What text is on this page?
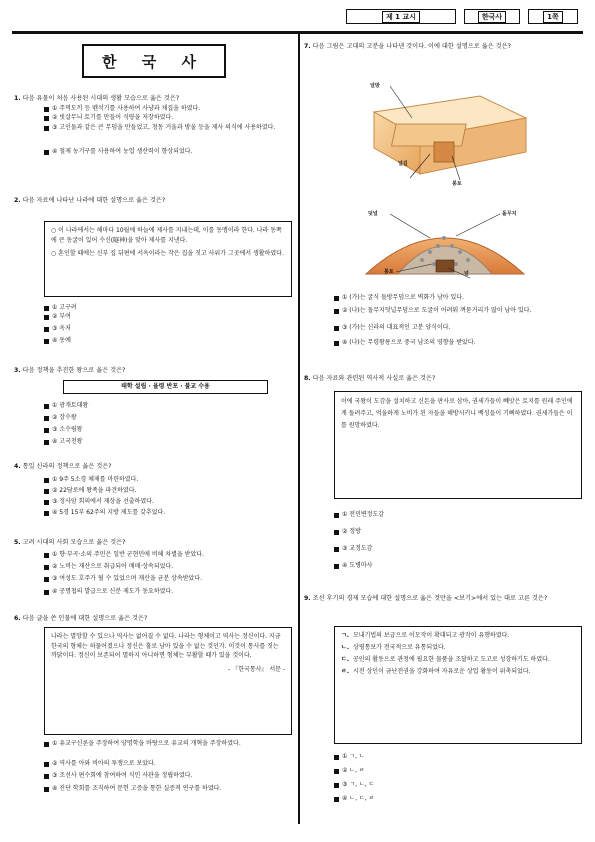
제 1 교시	한국사	1쪽
한 국 사
1. 다음 유물이 처음 사용된 시대의 생활 모습으로 옳은 것은?
① 주먹도끼 등 뗀석기를 사용하여 사냥과 채집을 하였다.
② 빗살무늬 토기를 만들어 식량을 저장하였다.
③ 고인돌과 같은 큰 무덤을 만들었고, 청동 거울과 방울 등을 제사 의식에 사용하였다.
④ 철제 농기구를 사용하여 농업 생산력이 향상되었다.
2. 다음 자료에 나타난 나라에 대한 설명으로 옳은 것은?
○ 이 나라에서는 해마다 10월에 하늘에 제사를 지내는데, 이를 동맹이라 한다. 나라 동쪽에 큰 동굴이 있어 수신(隧神)을 맞아 제사를 지낸다.
○ 혼인할 때에는 신부 집 뒤편에 서옥이라는 작은 집을 짓고 사위가 그곳에서 생활하였다.
① 고구려
② 부여
③ 옥저
④ 동예
3. 다음 정책을 추진한 왕으로 옳은 것은?
태학 설립 · 율령 반포 · 불교 수용
① 광개토대왕
② 장수왕
③ 소수림왕
④ 고국천왕
4. 통일 신라의 정책으로 옳은 것은?
① 9주 5소경 체제를 마련하였다.
② 22담로에 왕족을 파견하였다.
③ 정사암 회의에서 재상을 선출하였다.
④ 5경 15부 62주의 지방 제도를 갖추었다.
5. 고려 시대의 사회 모습으로 옳은 것은?
① 향·부곡·소의 주민은 일반 군현민에 비해 차별을 받았다.
② 노비는 재산으로 취급되어 매매·상속되었다.
③ 여성도 호주가 될 수 있었으며 재산을 균분 상속받았다.
④ 공명첩의 발급으로 신분 제도가 동요하였다.
6. 다음 글을 쓴 인물에 대한 설명으로 옳은 것은?
나라는 멸망할 수 있으나 역사는 없어질 수 없다. 나라는 형체이고 역사는 정신이다. 지금 한국의 형체는 허물어졌으나 정신은 홀로 남아 있을 수 없는 것인가. 이것이 통사를 짓는 까닭이다. 정신이 보존되어 멸하지 아니하면 형체는 부활할 때가 있을 것이다.
- 『한국통사』 서문 -
① 유교구신론을 주장하여 양명학을 바탕으로 유교의 개혁을 주장하였다.
② 역사를 아와 비아의 투쟁으로 보았다.
③ 조선사 편수회에 참여하여 식민 사관을 정립하였다.
④ 진단 학회를 조직하여 문헌 고증을 통한 실증적 연구를 하였다.
7. 다음 그림은 고대의 고분을 나타낸 것이다. 이에 대한 설명으로 옳은 것은?
널방
널길
봉토
덧널	돌무지
봉토	널
① (가)는 굴식 돌방무덤으로 벽화가 남아 있다.
② (나)는 돌무지덧널무덤으로 도굴이 어려워 껴묻거리가 많이 남아 있다.
③ (가)는 신라의 대표적인 고분 양식이다.
④ (나)는 무령왕릉으로 중국 남조의 영향을 받았다.
8. 다음 자료와 관련된 역사적 사실로 옳은 것은?
이에 국왕이 도감을 설치하고 신돈을 판사로 삼아, 권세가들이 빼앗은 토지를 원래 주인에게 돌려주고, 억울하게 노비가 된 자들을 해방시키니 백성들이 기뻐하였다. 권세가들은 이를 원망하였다.
① 전민변정도감
② 정방
③ 교정도감
④ 도병마사
9. 조선 후기의 경제 모습에 대한 설명으로 옳은 것만을 <보기>에서 있는 대로 고른 것은?
ㄱ. 모내기법의 보급으로 이모작이 확대되고 광작이 유행하였다.
ㄴ. 상평통보가 전국적으로 유통되었다.
ㄷ. 공인의 활동으로 관청에 필요한 물품을 조달하고 도고로 성장하기도 하였다.
ㄹ. 시전 상인이 금난전권을 강화하여 자유로운 상업 활동이 위축되었다.
① ㄱ, ㄴ
② ㄴ, ㄹ
③ ㄱ, ㄴ, ㄷ
④ ㄴ, ㄷ, ㄹ
